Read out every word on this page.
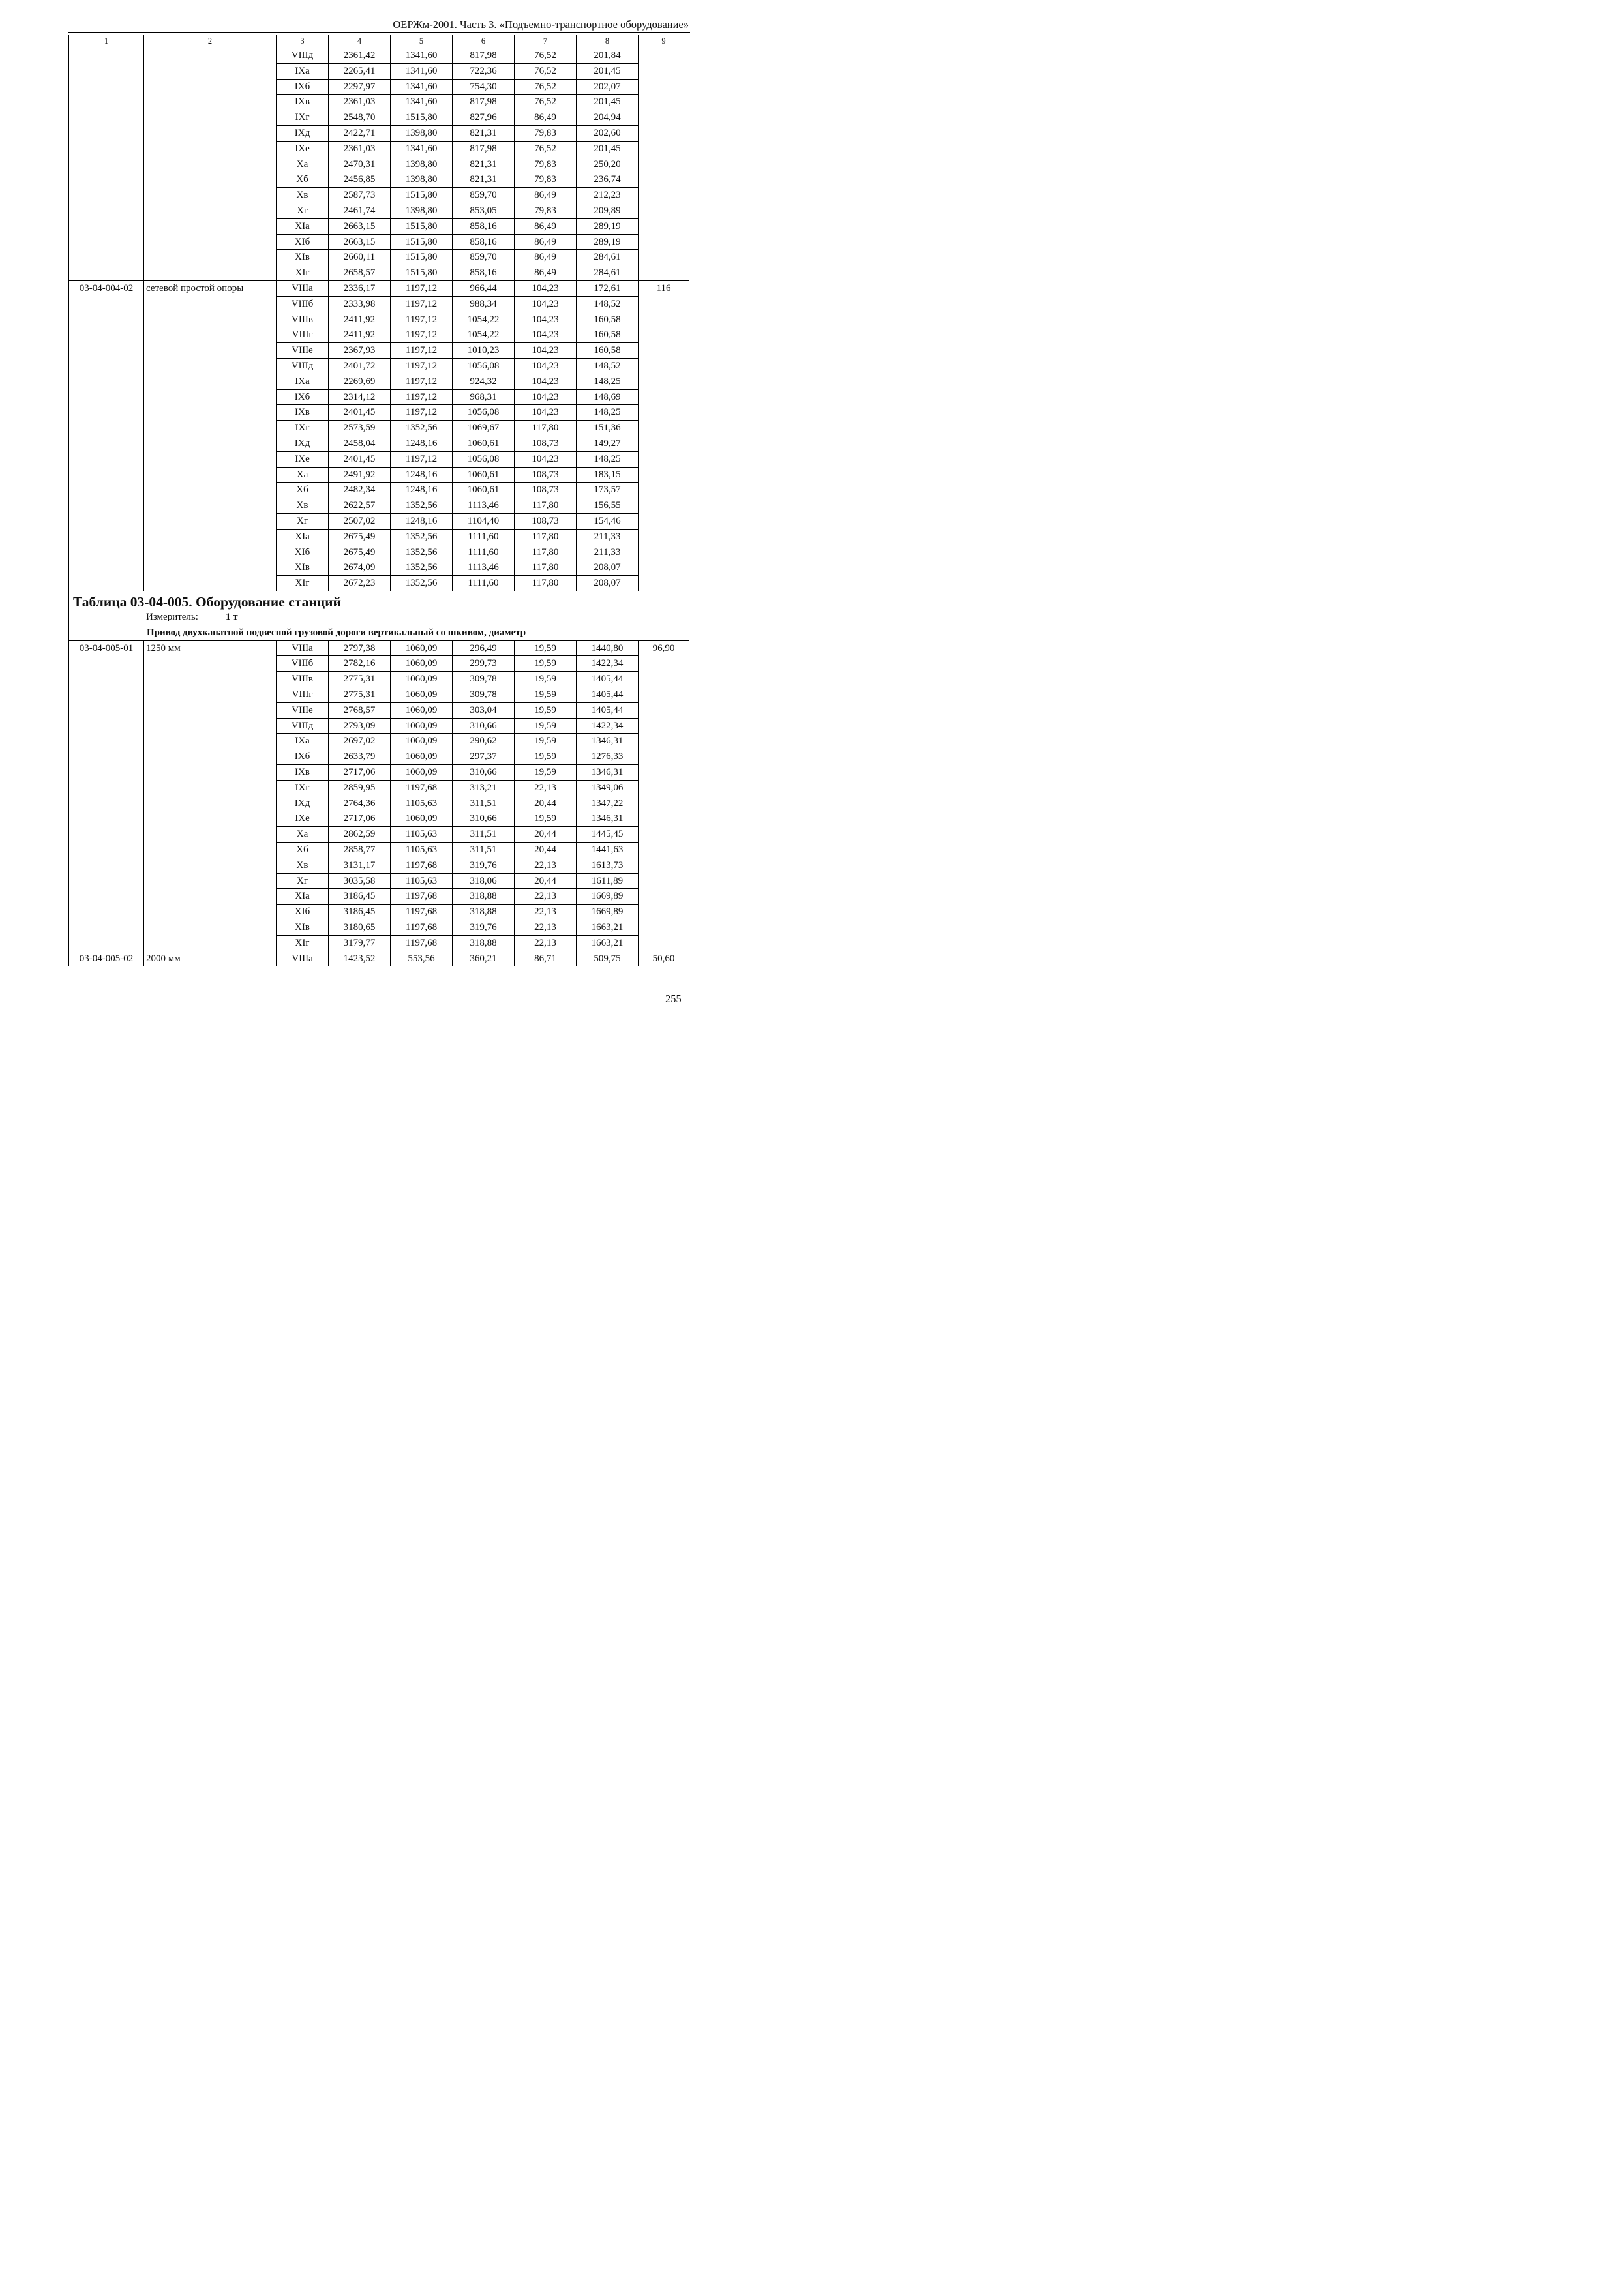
ОЕРЖм-2001. Часть 3. «Подъемно-транспортное оборудование»
1	2	3	4	5	6	7	8	9
		VIIIд	2361,42	1341,60	817,98	76,52	201,84	
		IXа	2265,41	1341,60	722,36	76,52	201,45	
		IXб	2297,97	1341,60	754,30	76,52	202,07	
		IXв	2361,03	1341,60	817,98	76,52	201,45	
		IXг	2548,70	1515,80	827,96	86,49	204,94	
		IXд	2422,71	1398,80	821,31	79,83	202,60	
		IXе	2361,03	1341,60	817,98	76,52	201,45	
		Xа	2470,31	1398,80	821,31	79,83	250,20	
		Xб	2456,85	1398,80	821,31	79,83	236,74	
		Xв	2587,73	1515,80	859,70	86,49	212,23	
		Xг	2461,74	1398,80	853,05	79,83	209,89	
		XIа	2663,15	1515,80	858,16	86,49	289,19	
		XIб	2663,15	1515,80	858,16	86,49	289,19	
		XIв	2660,11	1515,80	859,70	86,49	284,61	
		XIг	2658,57	1515,80	858,16	86,49	284,61	
03-04-004-02	сетевой простой опоры	VIIIа	2336,17	1197,12	966,44	104,23	172,61	116
		VIIIб	2333,98	1197,12	988,34	104,23	148,52	
		VIIIв	2411,92	1197,12	1054,22	104,23	160,58	
		VIIIг	2411,92	1197,12	1054,22	104,23	160,58	
		VIIIе	2367,93	1197,12	1010,23	104,23	160,58	
		VIIIд	2401,72	1197,12	1056,08	104,23	148,52	
		IXа	2269,69	1197,12	924,32	104,23	148,25	
		IXб	2314,12	1197,12	968,31	104,23	148,69	
		IXв	2401,45	1197,12	1056,08	104,23	148,25	
		IXг	2573,59	1352,56	1069,67	117,80	151,36	
		IXд	2458,04	1248,16	1060,61	108,73	149,27	
		IXе	2401,45	1197,12	1056,08	104,23	148,25	
		Xа	2491,92	1248,16	1060,61	108,73	183,15	
		Xб	2482,34	1248,16	1060,61	108,73	173,57	
		Xв	2622,57	1352,56	1113,46	117,80	156,55	
		Xг	2507,02	1248,16	1104,40	108,73	154,46	
		XIа	2675,49	1352,56	1111,60	117,80	211,33	
		XIб	2675,49	1352,56	1111,60	117,80	211,33	
		XIв	2674,09	1352,56	1113,46	117,80	208,07	
		XIг	2672,23	1352,56	1111,60	117,80	208,07	

Таблица 03-04-005. Оборудование станций
Измеритель: 1 т								

Привод двухканатной подвесной грузовой дороги вертикальный со шкивом, диаметр								
03-04-005-01	1250 мм	VIIIа	2797,38	1060,09	296,49	19,59	1440,80	96,90
		VIIIб	2782,16	1060,09	299,73	19,59	1422,34	
		VIIIв	2775,31	1060,09	309,78	19,59	1405,44	
		VIIIг	2775,31	1060,09	309,78	19,59	1405,44	
		VIIIе	2768,57	1060,09	303,04	19,59	1405,44	
		VIIIд	2793,09	1060,09	310,66	19,59	1422,34	
		IXа	2697,02	1060,09	290,62	19,59	1346,31	
		IXб	2633,79	1060,09	297,37	19,59	1276,33	
		IXв	2717,06	1060,09	310,66	19,59	1346,31	
		IXг	2859,95	1197,68	313,21	22,13	1349,06	
		IXд	2764,36	1105,63	311,51	20,44	1347,22	
		IXе	2717,06	1060,09	310,66	19,59	1346,31	
		Xа	2862,59	1105,63	311,51	20,44	1445,45	
		Xб	2858,77	1105,63	311,51	20,44	1441,63	
		Xв	3131,17	1197,68	319,76	22,13	1613,73	
		Xг	3035,58	1105,63	318,06	20,44	1611,89	
		XIа	3186,45	1197,68	318,88	22,13	1669,89	
		XIб	3186,45	1197,68	318,88	22,13	1669,89	
		XIв	3180,65	1197,68	319,76	22,13	1663,21	
		XIг	3179,77	1197,68	318,88	22,13	1663,21	
03-04-005-02	2000 мм	VIIIа	1423,52	553,56	360,21	86,71	509,75	50,60
255
